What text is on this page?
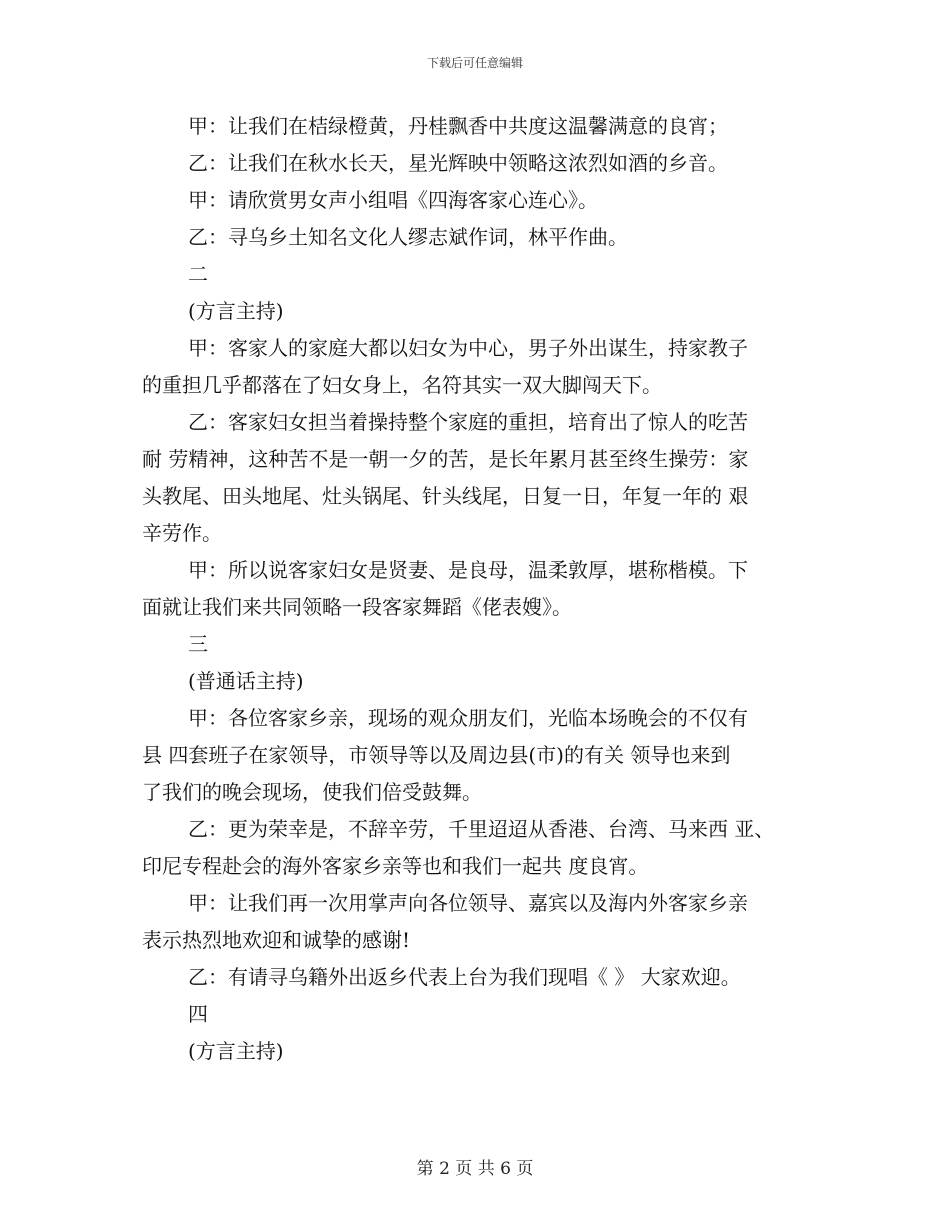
下载后可任意编辑
甲：让我们在桔绿橙黄，丹桂飘香中共度这温馨满意的良宵；
乙：让我们在秋水长天，星光辉映中领略这浓烈如酒的乡音。
甲：请欣赏男女声小组唱《四海客家心连心》。
乙：寻乌乡土知名文化人缪志斌作词，林平作曲。
二
(方言主持)
甲：客家人的家庭大都以妇女为中心，男子外出谋生，持家教子
的重担几乎都落在了妇女身上，名符其实一双大脚闯天下。
乙：客家妇女担当着操持整个家庭的重担，培育出了惊人的吃苦
耐 劳精神，这种苦不是一朝一夕的苦，是长年累月甚至终生操劳：家
头教尾、田头地尾、灶头锅尾、针头线尾，日复一日，年复一年的 艰
辛劳作。
甲：所以说客家妇女是贤妻、是良母，温柔敦厚，堪称楷模。下
面就让我们来共同领略一段客家舞蹈《佬表嫂》。
三
(普通话主持)
甲：各位客家乡亲，现场的观众朋友们，光临本场晚会的不仅有
县 四套班子在家领导，市领导等以及周边县(市)的有关 领导也来到
了我们的晚会现场，使我们倍受鼓舞。
乙：更为荣幸是，不辞辛劳，千里迢迢从香港、台湾、马来西 亚、
印尼专程赴会的海外客家乡亲等也和我们一起共 度良宵。
甲：让我们再一次用掌声向各位领导、嘉宾以及海内外客家乡亲
表示热烈地欢迎和诚挚的感谢!
乙：有请寻乌籍外出返乡代表上台为我们现唱《 》 大家欢迎。
四
(方言主持)
第 2 页 共 6 页
